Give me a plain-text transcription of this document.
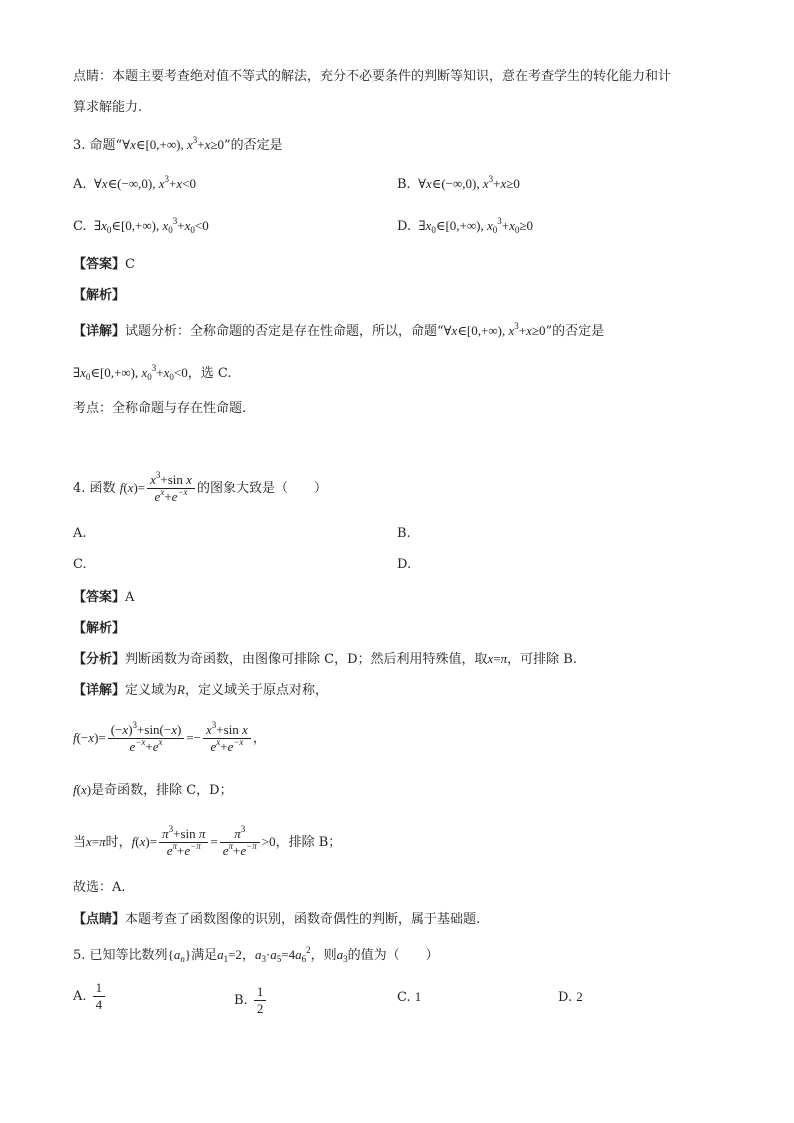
点睛：本题主要考查绝对值不等式的解法，充分不必要条件的判断等知识，意在考查学生的转化能力和计
算求解能力.
3. 命题“∀x∈[0,+∞), $x^3+x\ge 0$”的否定是
A.  ∀x∈(−∞,0), $x^3+x<0$	B.  ∀x∈(−∞,0), $x^3+x\ge 0$
C.  $\exists x_0\in[0,+\infty)$, $x_0^3+x_0<0$	D.  $\exists x_0\in[0,+\infty)$, $x_0^3+x_0\ge 0$
【答案】C
【解析】
【详解】试题分析：全称命题的否定是存在性命题，所以，命题“∀x∈[0,+∞), $x^3+x\ge 0$”的否定是
$\exists x_0\in[0,+\infty)$, $x_0^3+x_0<0$，选 C.
考点：全称命题与存在性命题.
4. 函数 $f(x)= \frac{x^3+\sin x}{e^x+e^{-x}}$ 的图象大致是（　　）
A.	B.
C.	D.
【答案】A
【解析】
【分析】判断函数为奇函数，由图像可排除 C，D；然后利用特殊值，取x=π，可排除 B.
【详解】定义域为R，定义域关于原点对称，
$f(-x)= \frac{(-x)^3+\sin(-x)}{e^{-x}+e^x} =- \frac{x^3+\sin x}{e^x+e^{-x}}$ ，
f(x)是奇函数，排除 C，D；
当x=π时，$f(x)= \frac{\pi^3+\sin \pi}{e^\pi+e^{-\pi}} = \frac{\pi^3}{e^\pi+e^{-\pi}} >0$，排除 B；
故选：A.
【点睛】本题考查了函数图像的识别，函数奇偶性的判断，属于基础题.
5. 已知等比数列$\{a_n\}$满足$a_1=2$，$a_3\cdot a_5=4a_6^2$，则$a_3$的值为（　　）
A. $\frac{1}{4}$	B. $\frac{1}{2}$	C. 1	D. 2
